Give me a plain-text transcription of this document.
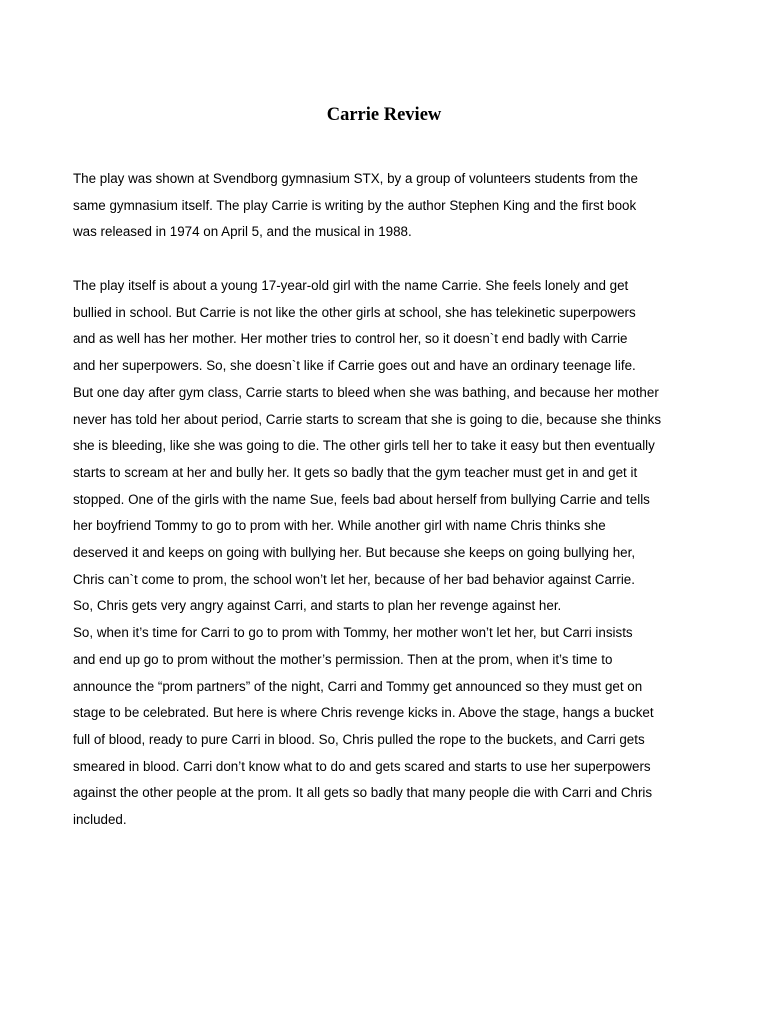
Carrie Review
The play was shown at Svendborg gymnasium STX, by a group of volunteers students from the
same gymnasium itself. The play Carrie is writing by the author Stephen King and the first book
was released in 1974 on April 5, and the musical in 1988.
The play itself is about a young 17-year-old girl with the name Carrie. She feels lonely and get
bullied in school. But Carrie is not like the other girls at school, she has telekinetic superpowers
and as well has her mother. Her mother tries to control her, so it doesn`t end badly with Carrie
and her superpowers. So, she doesn`t like if Carrie goes out and have an ordinary teenage life.
But one day after gym class, Carrie starts to bleed when she was bathing, and because her mother
never has told her about period, Carrie starts to scream that she is going to die, because she thinks
she is bleeding, like she was going to die. The other girls tell her to take it easy but then eventually
starts to scream at her and bully her. It gets so badly that the gym teacher must get in and get it
stopped. One of the girls with the name Sue, feels bad about herself from bullying Carrie and tells
her boyfriend Tommy to go to prom with her. While another girl with name Chris thinks she
deserved it and keeps on going with bullying her. But because she keeps on going bullying her,
Chris can`t come to prom, the school won’t let her, because of her bad behavior against Carrie.
So, Chris gets very angry against Carri, and starts to plan her revenge against her.
So, when it’s time for Carri to go to prom with Tommy, her mother won’t let her, but Carri insists
and end up go to prom without the mother’s permission. Then at the prom, when it’s time to
announce the “prom partners” of the night, Carri and Tommy get announced so they must get on
stage to be celebrated. But here is where Chris revenge kicks in. Above the stage, hangs a bucket
full of blood, ready to pure Carri in blood. So, Chris pulled the rope to the buckets, and Carri gets
smeared in blood. Carri don’t know what to do and gets scared and starts to use her superpowers
against the other people at the prom. It all gets so badly that many people die with Carri and Chris
included.
